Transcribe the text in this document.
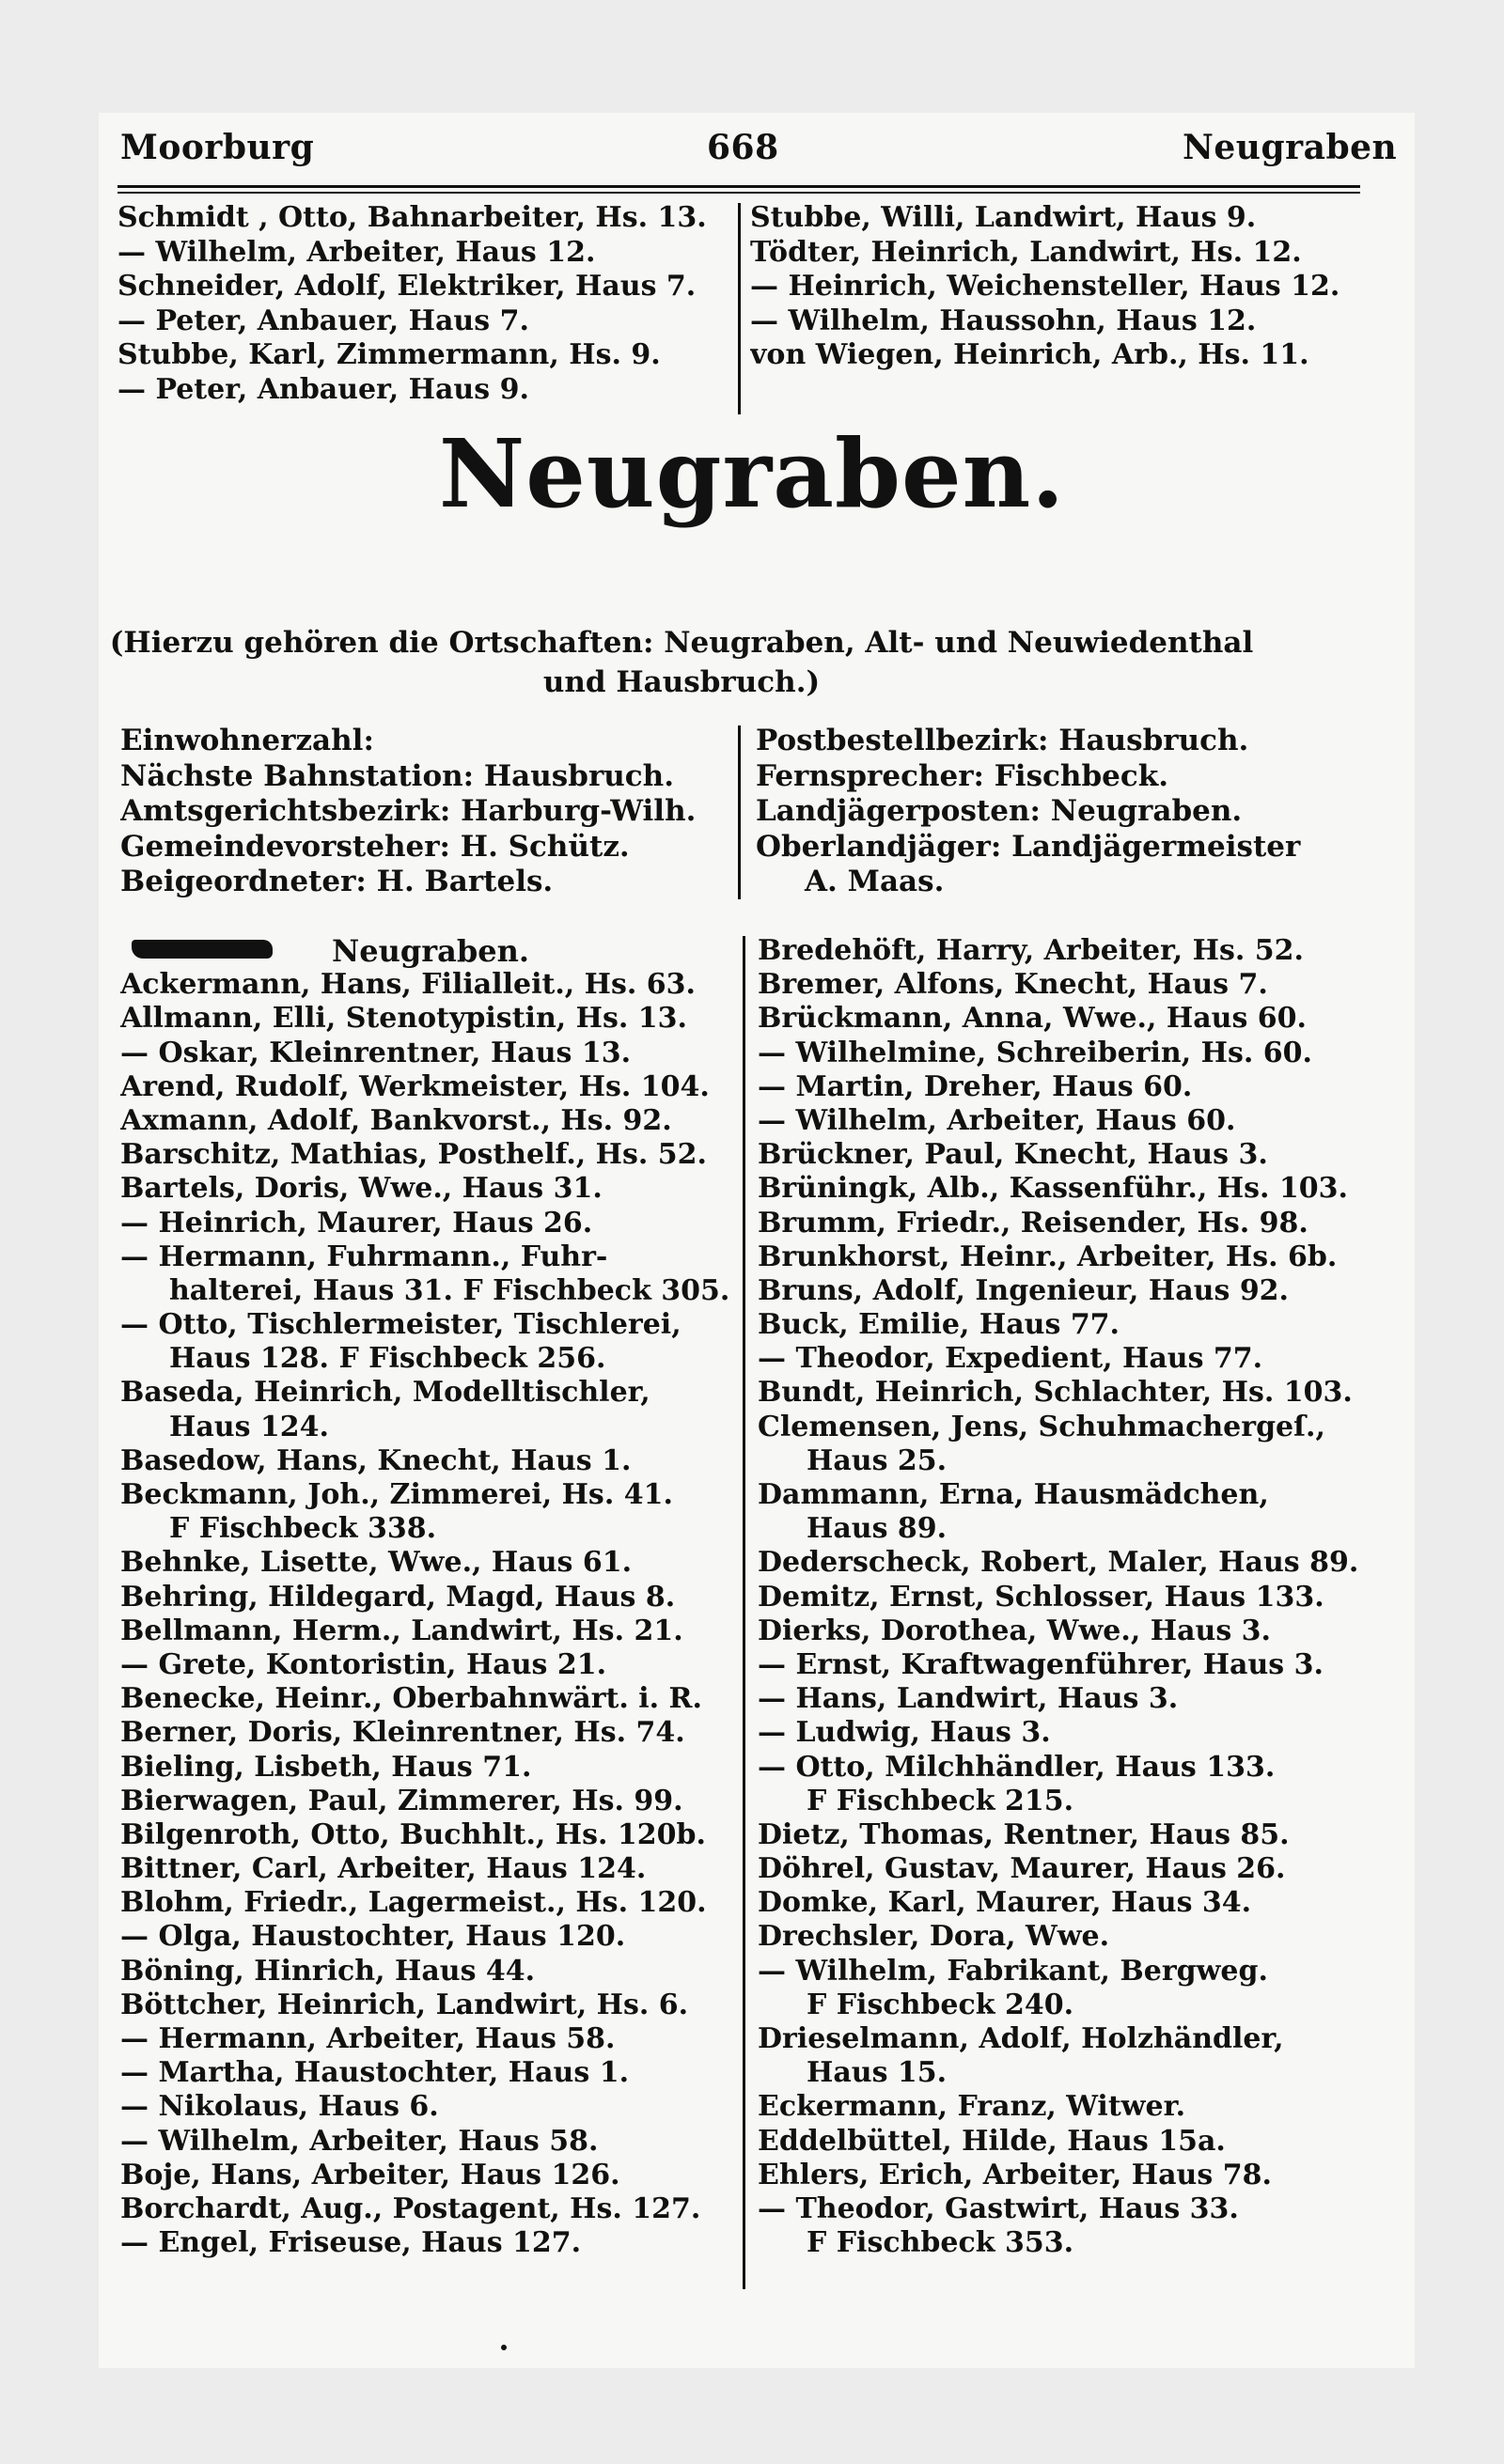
Moorburg	668	Neugraben
Schmidt , Otto, Bahnarbeiter, Hs. 13.
— Wilhelm, Arbeiter, Haus 12.
Schneider, Adolf, Elektriker, Haus 7.
— Peter, Anbauer, Haus 7.
Stubbe, Karl, Zimmermann, Hs. 9.
— Peter, Anbauer, Haus 9.
Stubbe, Willi, Landwirt, Haus 9.
Tödter, Heinrich, Landwirt, Hs. 12.
— Heinrich, Weichensteller, Haus 12.
— Wilhelm, Haussohn, Haus 12.
von Wiegen, Heinrich, Arb., Hs. 11.
Neugraben.
(Hierzu gehören die Ortschaften: Neugraben, Alt- und Neuwiedenthal
und Hausbruch.)
Einwohnerzahl:
Nächste Bahnstation: Hausbruch.
Amtsgerichtsbezirk: Harburg-Wilh.
Gemeindevorsteher: H. Schütz.
Beigeordneter: H. Bartels.
Postbestellbezirk: Hausbruch.
Fernsprecher: Fischbeck.
Landjägerposten: Neugraben.
Oberlandjäger: Landjägermeister
A. Maas.
Neugraben.
Ackermann, Hans, Filialleit., Hs. 63.
Allmann, Elli, Stenotypistin, Hs. 13.
— Oskar, Kleinrentner, Haus 13.
Arend, Rudolf, Werkmeister, Hs. 104.
Axmann, Adolf, Bankvorst., Hs. 92.
Barschitz, Mathias, Posthelf., Hs. 52.
Bartels, Doris, Wwe., Haus 31.
— Heinrich, Maurer, Haus 26.
— Hermann, Fuhrmann., Fuhr-
halterei, Haus 31. F Fischbeck 305.
— Otto, Tischlermeister, Tischlerei,
Haus 128. F Fischbeck 256.
Baseda, Heinrich, Modelltischler,
Haus 124.
Basedow, Hans, Knecht, Haus 1.
Beckmann, Joh., Zimmerei, Hs. 41.
F Fischbeck 338.
Behnke, Lisette, Wwe., Haus 61.
Behring, Hildegard, Magd, Haus 8.
Bellmann, Herm., Landwirt, Hs. 21.
— Grete, Kontoristin, Haus 21.
Benecke, Heinr., Oberbahnwärt. i. R.
Berner, Doris, Kleinrentner, Hs. 74.
Bieling, Lisbeth, Haus 71.
Bierwagen, Paul, Zimmerer, Hs. 99.
Bilgenroth, Otto, Buchhlt., Hs. 120b.
Bittner, Carl, Arbeiter, Haus 124.
Blohm, Friedr., Lagermeist., Hs. 120.
— Olga, Haustochter, Haus 120.
Böning, Hinrich, Haus 44.
Böttcher, Heinrich, Landwirt, Hs. 6.
— Hermann, Arbeiter, Haus 58.
— Martha, Haustochter, Haus 1.
— Nikolaus, Haus 6.
— Wilhelm, Arbeiter, Haus 58.
Boje, Hans, Arbeiter, Haus 126.
Borchardt, Aug., Postagent, Hs. 127.
— Engel, Friseuse, Haus 127.
Bredehöft, Harry, Arbeiter, Hs. 52.
Bremer, Alfons, Knecht, Haus 7.
Brückmann, Anna, Wwe., Haus 60.
— Wilhelmine, Schreiberin, Hs. 60.
— Martin, Dreher, Haus 60.
— Wilhelm, Arbeiter, Haus 60.
Brückner, Paul, Knecht, Haus 3.
Brüningk, Alb., Kassenführ., Hs. 103.
Brumm, Friedr., Reisender, Hs. 98.
Brunkhorst, Heinr., Arbeiter, Hs. 6b.
Bruns, Adolf, Ingenieur, Haus 92.
Buck, Emilie, Haus 77.
— Theodor, Expedient, Haus 77.
Bundt, Heinrich, Schlachter, Hs. 103.
Clemensen, Jens, Schuhmachergeſ.,
Haus 25.
Dammann, Erna, Hausmädchen,
Haus 89.
Dederscheck, Robert, Maler, Haus 89.
Demitz, Ernst, Schlosser, Haus 133.
Dierks, Dorothea, Wwe., Haus 3.
— Ernst, Kraftwagenführer, Haus 3.
— Hans, Landwirt, Haus 3.
— Ludwig, Haus 3.
— Otto, Milchhändler, Haus 133.
F Fischbeck 215.
Dietz, Thomas, Rentner, Haus 85.
Döhrel, Gustav, Maurer, Haus 26.
Domke, Karl, Maurer, Haus 34.
Drechsler, Dora, Wwe.
— Wilhelm, Fabrikant, Bergweg.
F Fischbeck 240.
Drieselmann, Adolf, Holzhändler,
Haus 15.
Eckermann, Franz, Witwer.
Eddelbüttel, Hilde, Haus 15a.
Ehlers, Erich, Arbeiter, Haus 78.
— Theodor, Gastwirt, Haus 33.
F Fischbeck 353.
